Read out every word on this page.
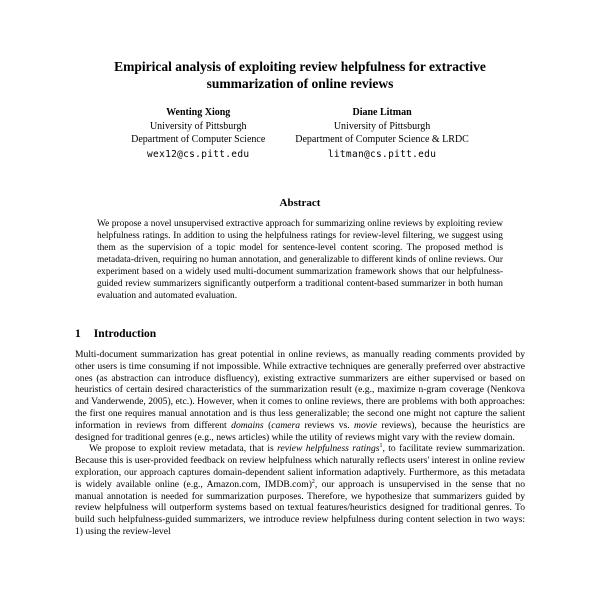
Empirical analysis of exploiting review helpfulness for extractive summarization of online reviews
Wenting Xiong
University of Pittsburgh
Department of Computer Science
wex12@cs.pitt.edu
Diane Litman
University of Pittsburgh
Department of Computer Science & LRDC
litman@cs.pitt.edu
Abstract

We propose a novel unsupervised extractive approach for summarizing online reviews by exploiting review helpfulness ratings. In addition to using the helpfulness ratings for review-level filtering, we suggest using them as the supervision of a topic model for sentence-level content scoring. The proposed method is metadata-driven, requiring no human annotation, and generalizable to different kinds of online reviews. Our experiment based on a widely used multi-document summarization framework shows that our helpfulness-guided review summarizers significantly outperform a traditional content-based summarizer in both human evaluation and automated evaluation.

1 Introduction

Multi-document summarization has great potential in online reviews, as manually reading comments provided by other users is time consuming if not impossible. While extractive techniques are generally preferred over abstractive ones (as abstraction can introduce disfluency), existing extractive summarizers are either supervised or based on heuristics of certain desired characteristics of the summarization result (e.g., maximize n-gram coverage (Nenkova and Vanderwende, 2005), etc.). However, when it comes to online reviews, there are problems with both approaches: the first one requires manual annotation and is thus less generalizable; the second one might not capture the salient information in reviews from different domains (camera reviews vs. movie reviews), because the heuristics are designed for traditional genres (e.g., news articles) while the utility of reviews might vary with the review domain.

We propose to exploit review metadata, that is review helpfulness ratings$^1$, to facilitate review summarization. Because this is user-provided feedback on review helpfulness which naturally reflects users' interest in online review exploration, our approach captures domain-dependent salient information adaptively. Furthermore, as this metadata is widely available online (e.g., Amazon.com, IMDB.com)$^2$, our approach is unsupervised in the sense that no manual annotation is needed for summarization purposes. Therefore, we hypothesize that summarizers guided by review helpfulness will outperform systems based on textual features/heuristics designed for traditional genres. To build such helpfulness-guided summarizers, we introduce review helpfulness during content selection in two ways: 1) using the review-level
